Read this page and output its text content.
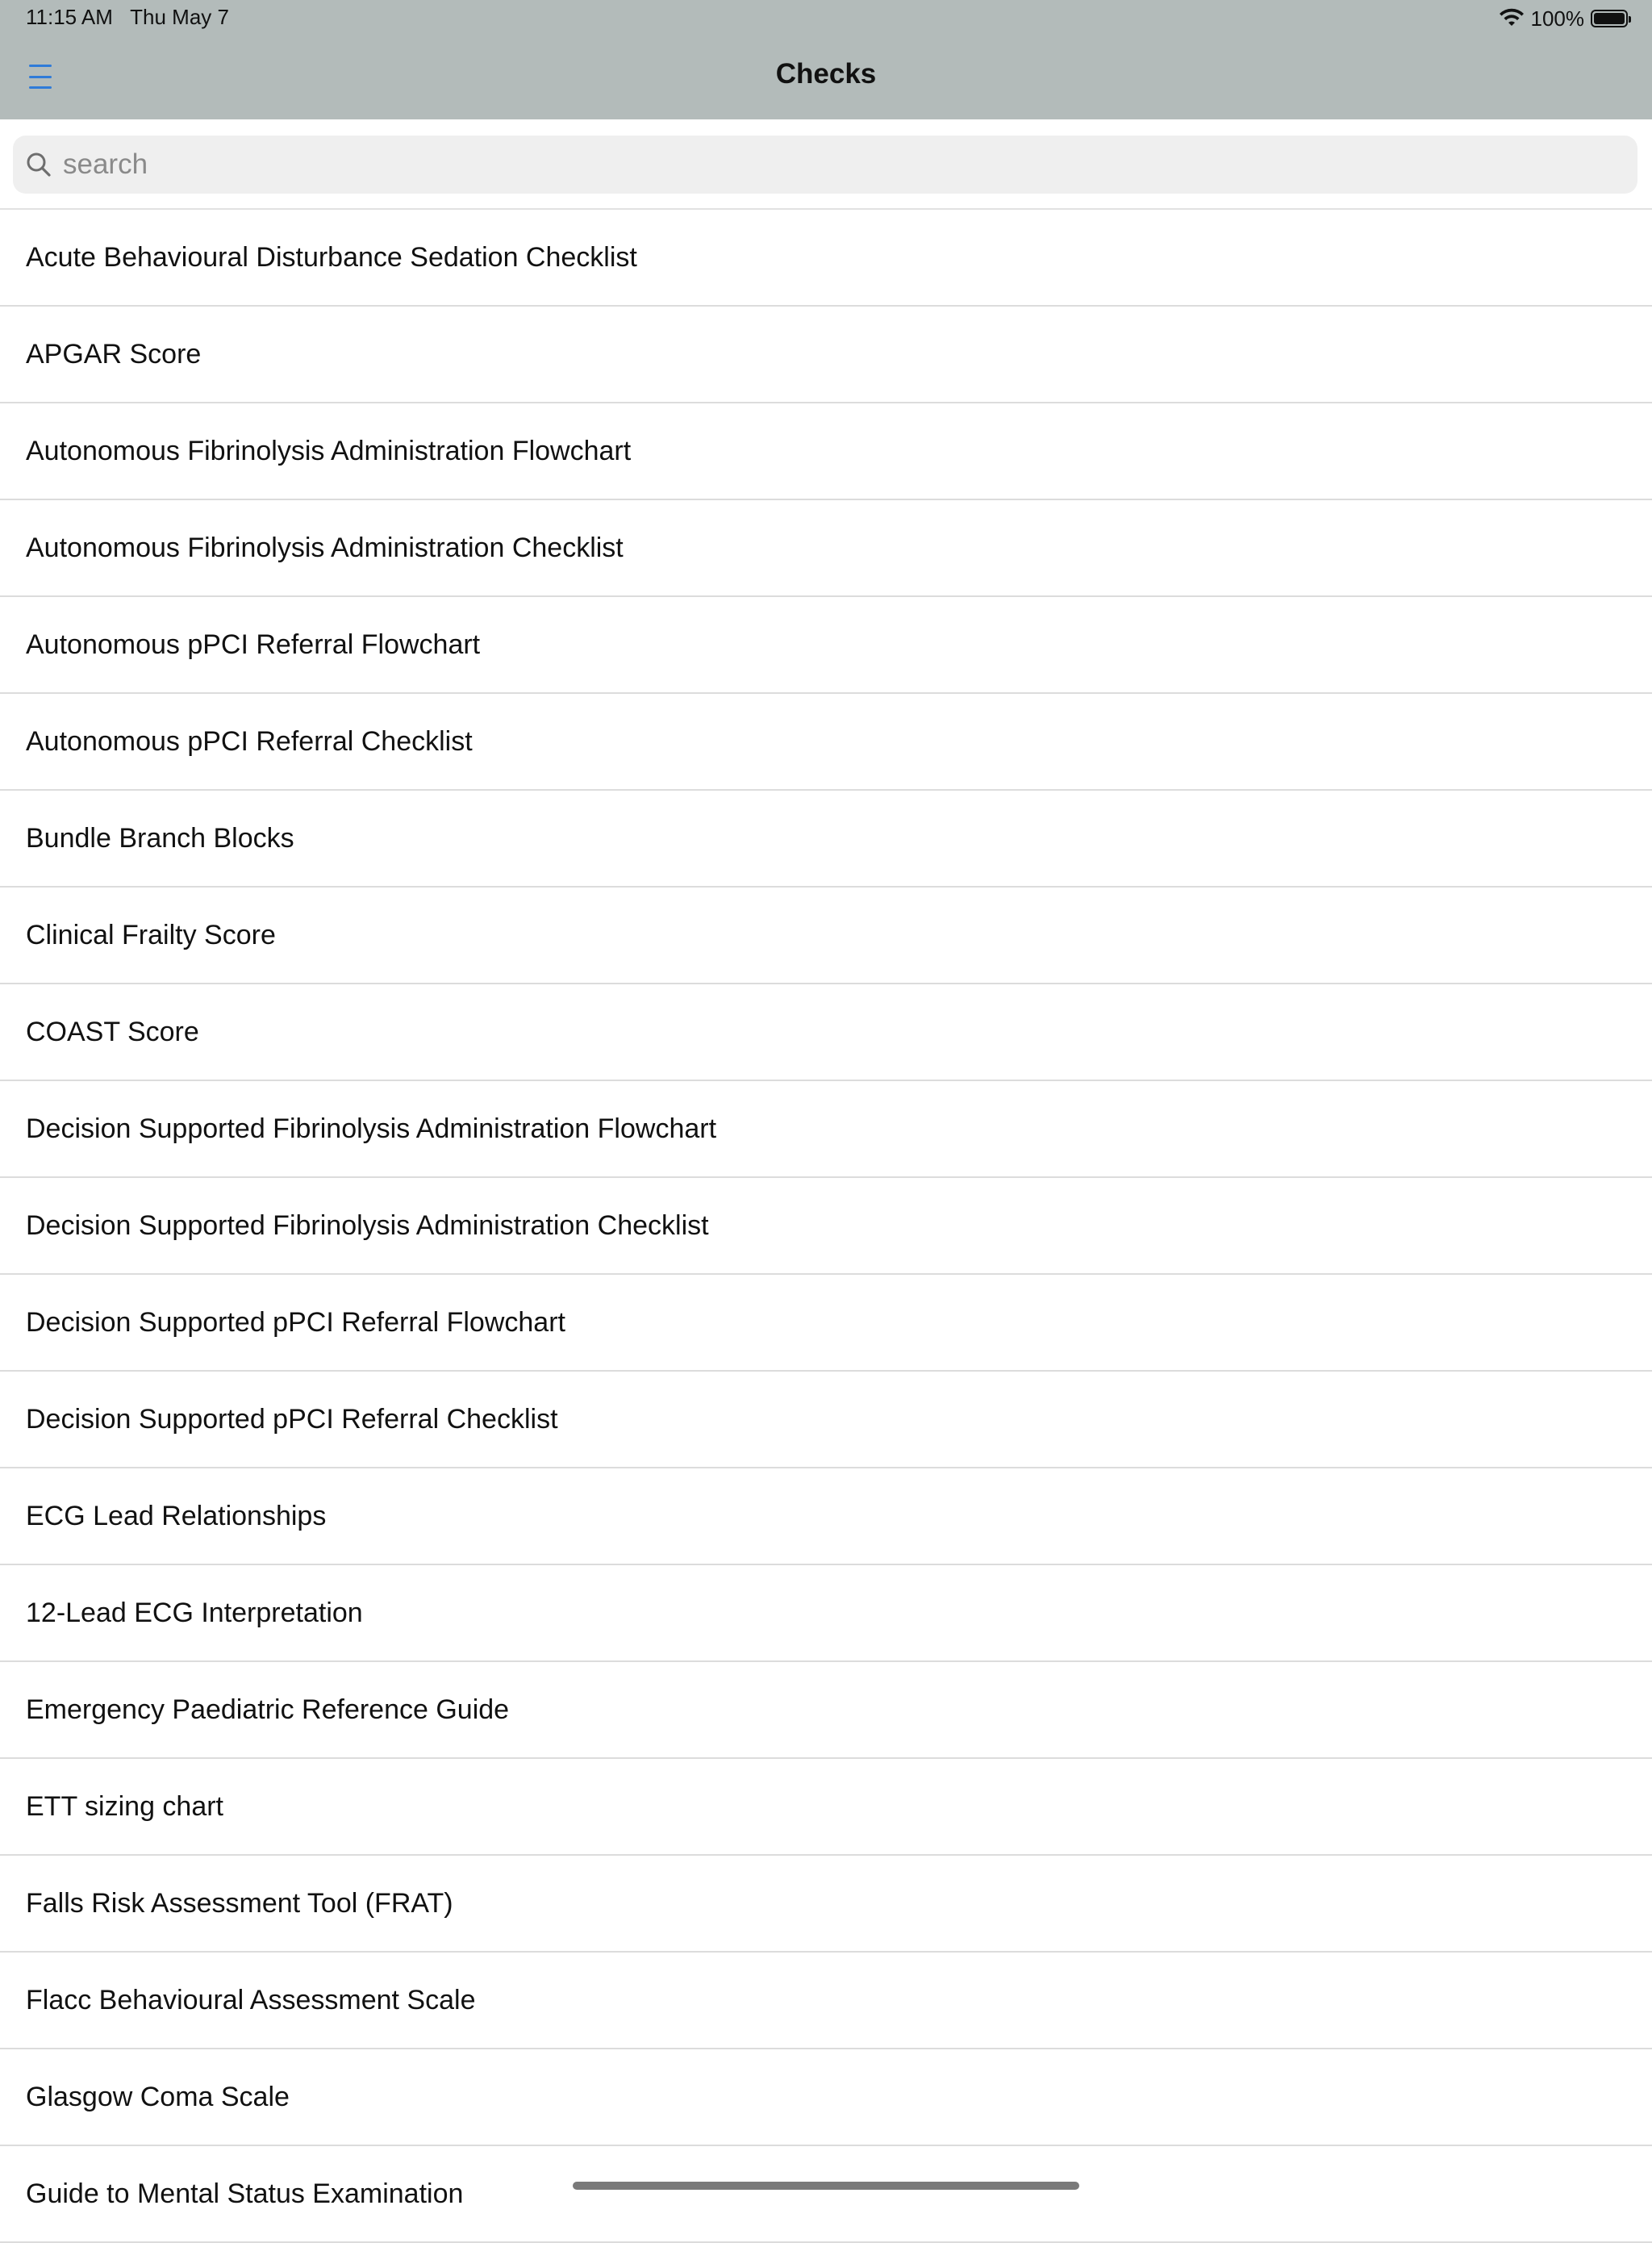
11:15 AM Thu May 7	100%
Checks
search
Acute Behavioural Disturbance Sedation Checklist
APGAR Score
Autonomous Fibrinolysis Administration Flowchart
Autonomous Fibrinolysis Administration Checklist
Autonomous pPCI Referral Flowchart
Autonomous pPCI Referral Checklist
Bundle Branch Blocks
Clinical Frailty Score
COAST Score
Decision Supported Fibrinolysis Administration Flowchart
Decision Supported Fibrinolysis Administration Checklist
Decision Supported pPCI Referral Flowchart
Decision Supported pPCI Referral Checklist
ECG Lead Relationships
12-Lead ECG Interpretation
Emergency Paediatric Reference Guide
ETT sizing chart
Falls Risk Assessment Tool (FRAT)
Flacc Behavioural Assessment Scale
Glasgow Coma Scale
Guide to Mental Status Examination
